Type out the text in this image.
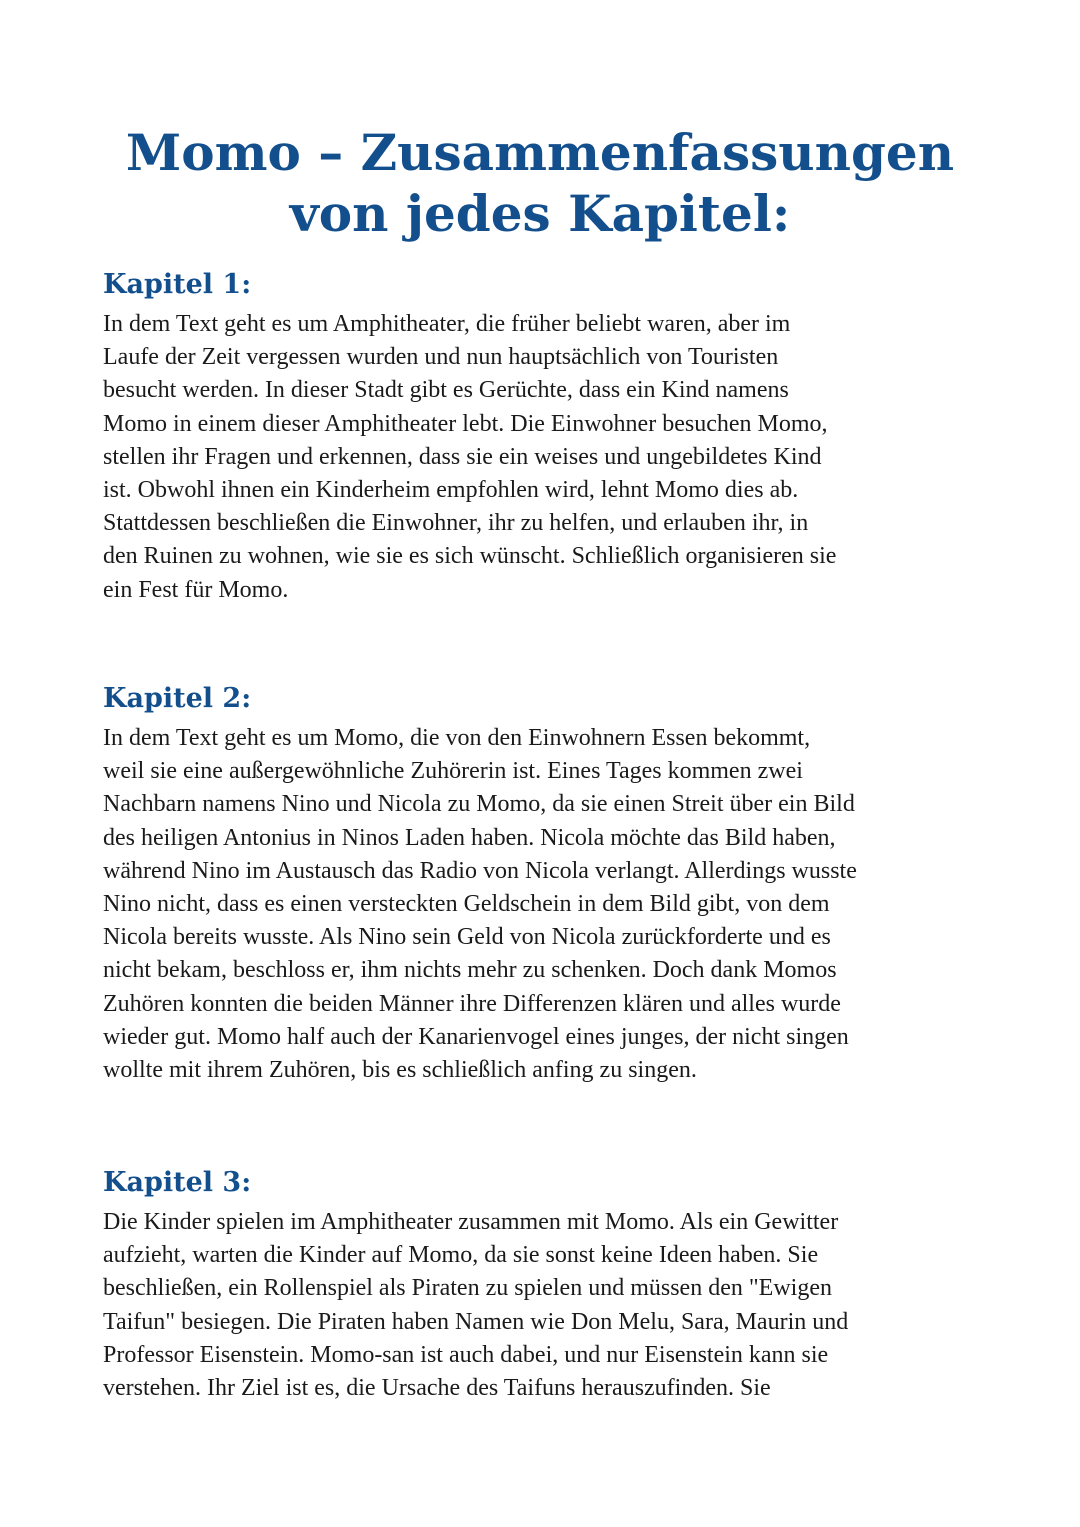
Momo – Zusammenfassungen
von jedes Kapitel:
Kapitel 1:

In dem Text geht es um Amphitheater, die früher beliebt waren, aber im
Laufe der Zeit vergessen wurden und nun hauptsächlich von Touristen
besucht werden. In dieser Stadt gibt es Gerüchte, dass ein Kind namens
Momo in einem dieser Amphitheater lebt. Die Einwohner besuchen Momo,
stellen ihr Fragen und erkennen, dass sie ein weises und ungebildetes Kind
ist. Obwohl ihnen ein Kinderheim empfohlen wird, lehnt Momo dies ab.
Stattdessen beschließen die Einwohner, ihr zu helfen, und erlauben ihr, in
den Ruinen zu wohnen, wie sie es sich wünscht. Schließlich organisieren sie
ein Fest für Momo.

Kapitel 2:

In dem Text geht es um Momo, die von den Einwohnern Essen bekommt,
weil sie eine außergewöhnliche Zuhörerin ist. Eines Tages kommen zwei
Nachbarn namens Nino und Nicola zu Momo, da sie einen Streit über ein Bild
des heiligen Antonius in Ninos Laden haben. Nicola möchte das Bild haben,
während Nino im Austausch das Radio von Nicola verlangt. Allerdings wusste
Nino nicht, dass es einen versteckten Geldschein in dem Bild gibt, von dem
Nicola bereits wusste. Als Nino sein Geld von Nicola zurückforderte und es
nicht bekam, beschloss er, ihm nichts mehr zu schenken. Doch dank Momos
Zuhören konnten die beiden Männer ihre Differenzen klären und alles wurde
wieder gut. Momo half auch der Kanarienvogel eines junges, der nicht singen
wollte mit ihrem Zuhören, bis es schließlich anfing zu singen.

Kapitel 3:

Die Kinder spielen im Amphitheater zusammen mit Momo. Als ein Gewitter
aufzieht, warten die Kinder auf Momo, da sie sonst keine Ideen haben. Sie
beschließen, ein Rollenspiel als Piraten zu spielen und müssen den "Ewigen
Taifun" besiegen. Die Piraten haben Namen wie Don Melu, Sara, Maurin und
Professor Eisenstein. Momo-san ist auch dabei, und nur Eisenstein kann sie
verstehen. Ihr Ziel ist es, die Ursache des Taifuns herauszufinden. Sie
